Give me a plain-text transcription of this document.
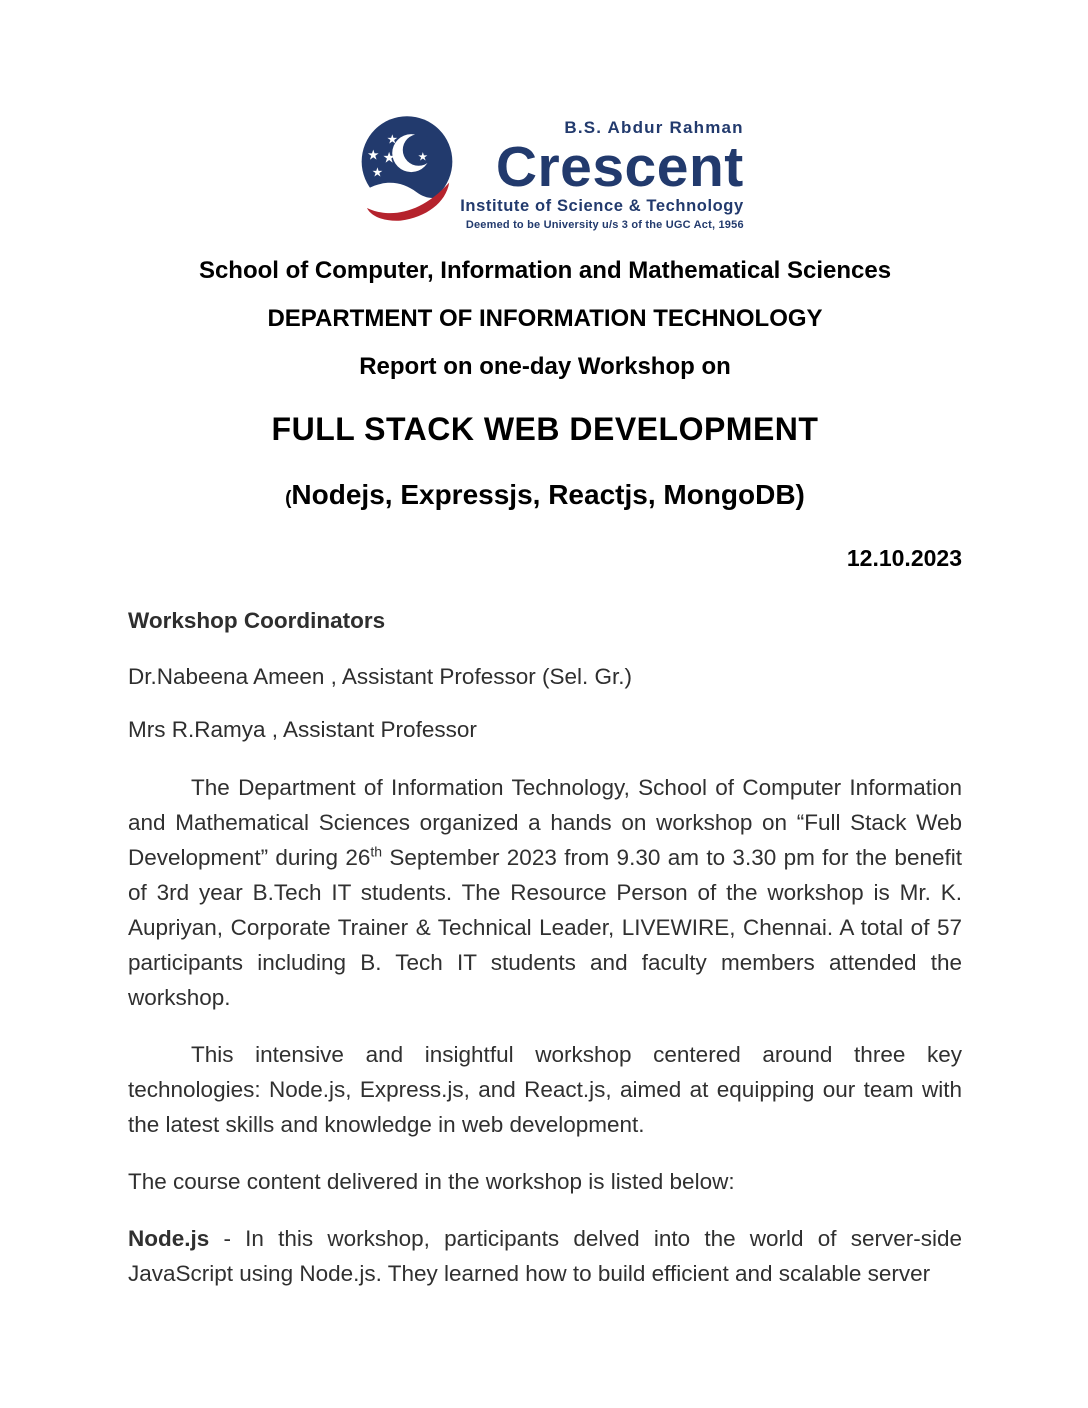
★
★ ★
★
★
B.S. Abdur Rahman
Crescent
Institute of Science & Technology
Deemed to be University u/s 3 of the UGC Act, 1956
School of Computer, Information and Mathematical Sciences
DEPARTMENT OF INFORMATION TECHNOLOGY
Report on one-day Workshop on
FULL STACK WEB DEVELOPMENT
(Nodejs, Expressjs, Reactjs, MongoDB)
12.10.2023
Workshop Coordinators
Dr.Nabeena Ameen , Assistant Professor (Sel. Gr.)
Mrs R.Ramya , Assistant Professor

The Department of Information Technology, School of Computer Information and Mathematical Sciences organized a hands on workshop on “Full Stack Web Development” during 26th September 2023 from 9.30 am to 3.30 pm for the benefit of 3rd year B.Tech IT students. The Resource Person of the workshop is Mr. K. Aupriyan, Corporate Trainer & Technical Leader, LIVEWIRE, Chennai. A total of 57 participants including B. Tech IT students and faculty members attended the workshop.

This intensive and insightful workshop centered around three key technologies: Node.js, Express.js, and React.js, aimed at equipping our team with the latest skills and knowledge in web development.

The course content delivered in the workshop is listed below:

Node.js - In this workshop, participants delved into the world of server-side JavaScript using Node.js. They learned how to build efficient and scalable server
